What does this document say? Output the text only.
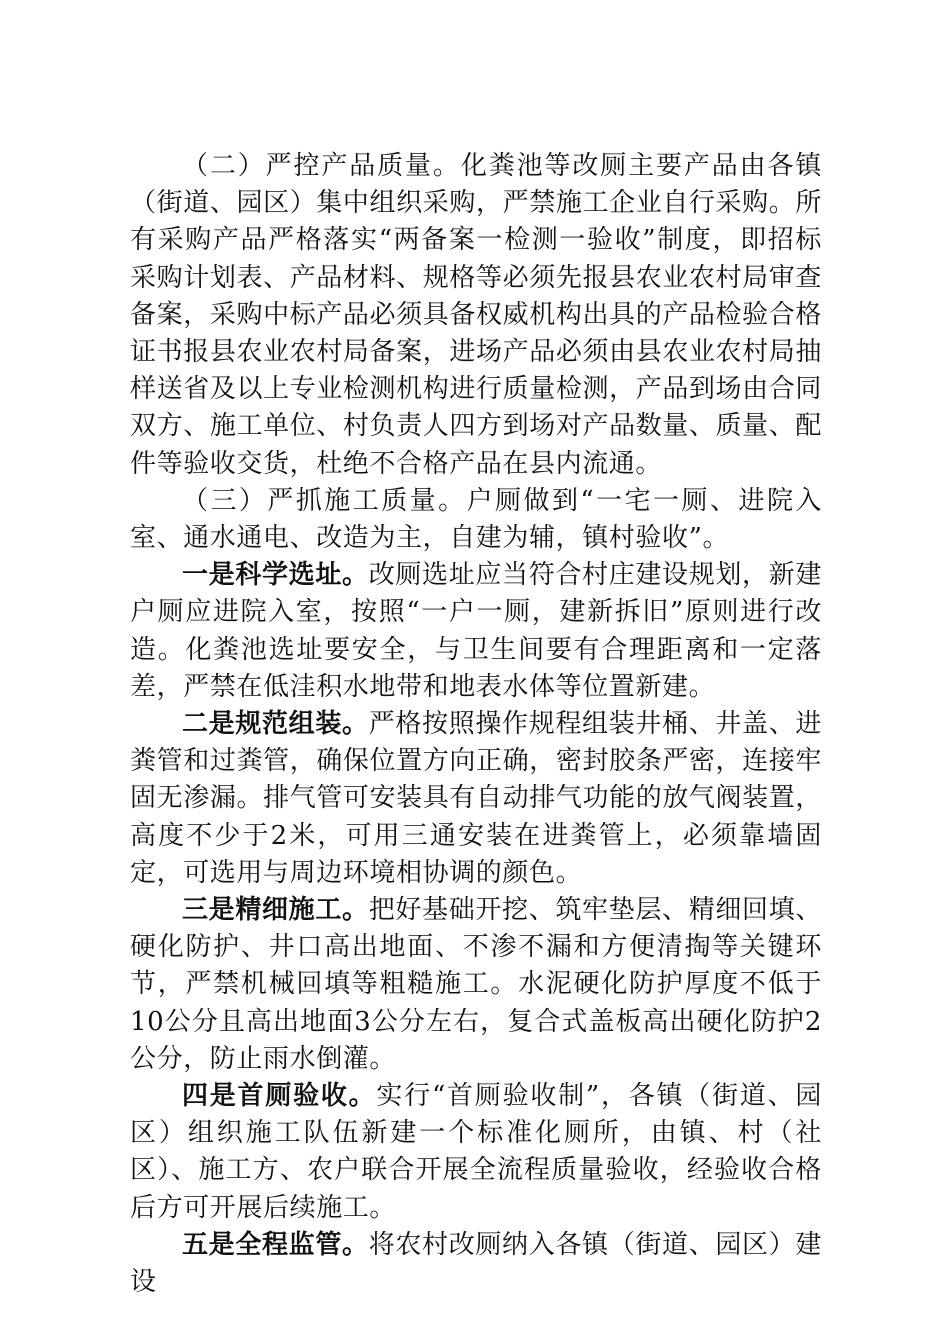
（二）严控产品质量。化粪池等改厕主要产品由各镇（街道、园区）集中组织采购，严禁施工企业自行采购。所有采购产品严格落实“两备案一检测一验收”制度，即招标采购计划表、产品材料、规格等必须先报县农业农村局审查备案，采购中标产品必须具备权威机构出具的产品检验合格证书报县农业农村局备案，进场产品必须由县农业农村局抽样送省及以上专业检测机构进行质量检测，产品到场由合同双方、施工单位、村负责人四方到场对产品数量、质量、配件等验收交货，杜绝不合格产品在县内流通。

（三）严抓施工质量。户厕做到“一宅一厕、进院入室、通水通电、改造为主，自建为辅，镇村验收”。

一是科学选址。改厕选址应当符合村庄建设规划，新建户厕应进院入室，按照“一户一厕，建新拆旧”原则进行改造。化粪池选址要安全，与卫生间要有合理距离和一定落差，严禁在低洼积水地带和地表水体等位置新建。

二是规范组装。严格按照操作规程组装井桶、井盖、进粪管和过粪管，确保位置方向正确，密封胶条严密，连接牢固无渗漏。排气管可安装具有自动排气功能的放气阀装置，高度不少于2米，可用三通安装在进粪管上，必须靠墙固定，可选用与周边环境相协调的颜色。

三是精细施工。把好基础开挖、筑牢垫层、精细回填、硬化防护、井口高出地面、不渗不漏和方便清掏等关键环节，严禁机械回填等粗糙施工。水泥硬化防护厚度不低于10公分且高出地面3公分左右，复合式盖板高出硬化防护2公分，防止雨水倒灌。

四是首厕验收。实行“首厕验收制”，各镇（街道、园区）组织施工队伍新建一个标准化厕所，由镇、村（社区）、施工方、农户联合开展全流程质量验收，经验收合格后方可开展后续施工。

五是全程监管。将农村改厕纳入各镇（街道、园区）建设
